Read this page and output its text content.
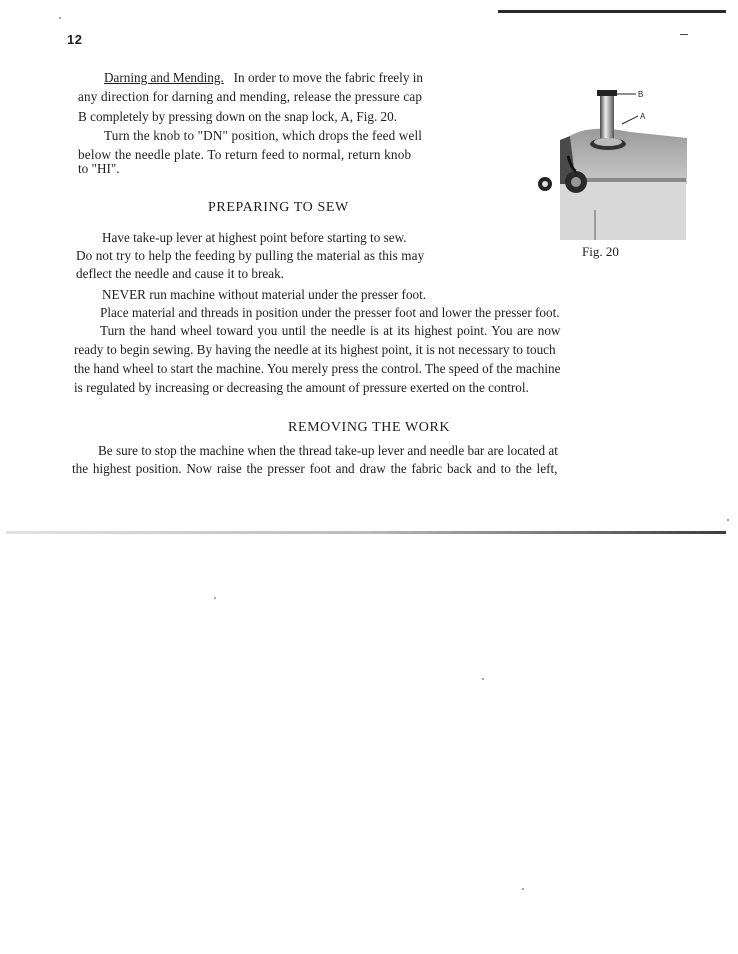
12
Darning and Mending. In order to move the fabric freely in
any direction for darning and mending, release the pressure cap
B completely by pressing down on the snap lock, A, Fig. 20.
Turn the knob to "DN" position, which drops the feed well
below the needle plate. To return feed to normal, return knob
to "HI".
B
A
Fig. 20
PREPARING TO SEW
Have take-up lever at highest point before starting to sew.
Do not try to help the feeding by pulling the material as this may
deflect the needle and cause it to break.
NEVER run machine without material under the presser foot.
Place material and threads in position under the presser foot and lower the presser foot.
Turn the hand wheel toward you until the needle is at its highest point. You are now
ready to begin sewing. By having the needle at its highest point, it is not necessary to touch
the hand wheel to start the machine. You merely press the control. The speed of the machine
is regulated by increasing or decreasing the amount of pressure exerted on the control.
REMOVING THE WORK
Be sure to stop the machine when the thread take-up lever and needle bar are located at
the highest position. Now raise the presser foot and draw the fabric back and to the left,
